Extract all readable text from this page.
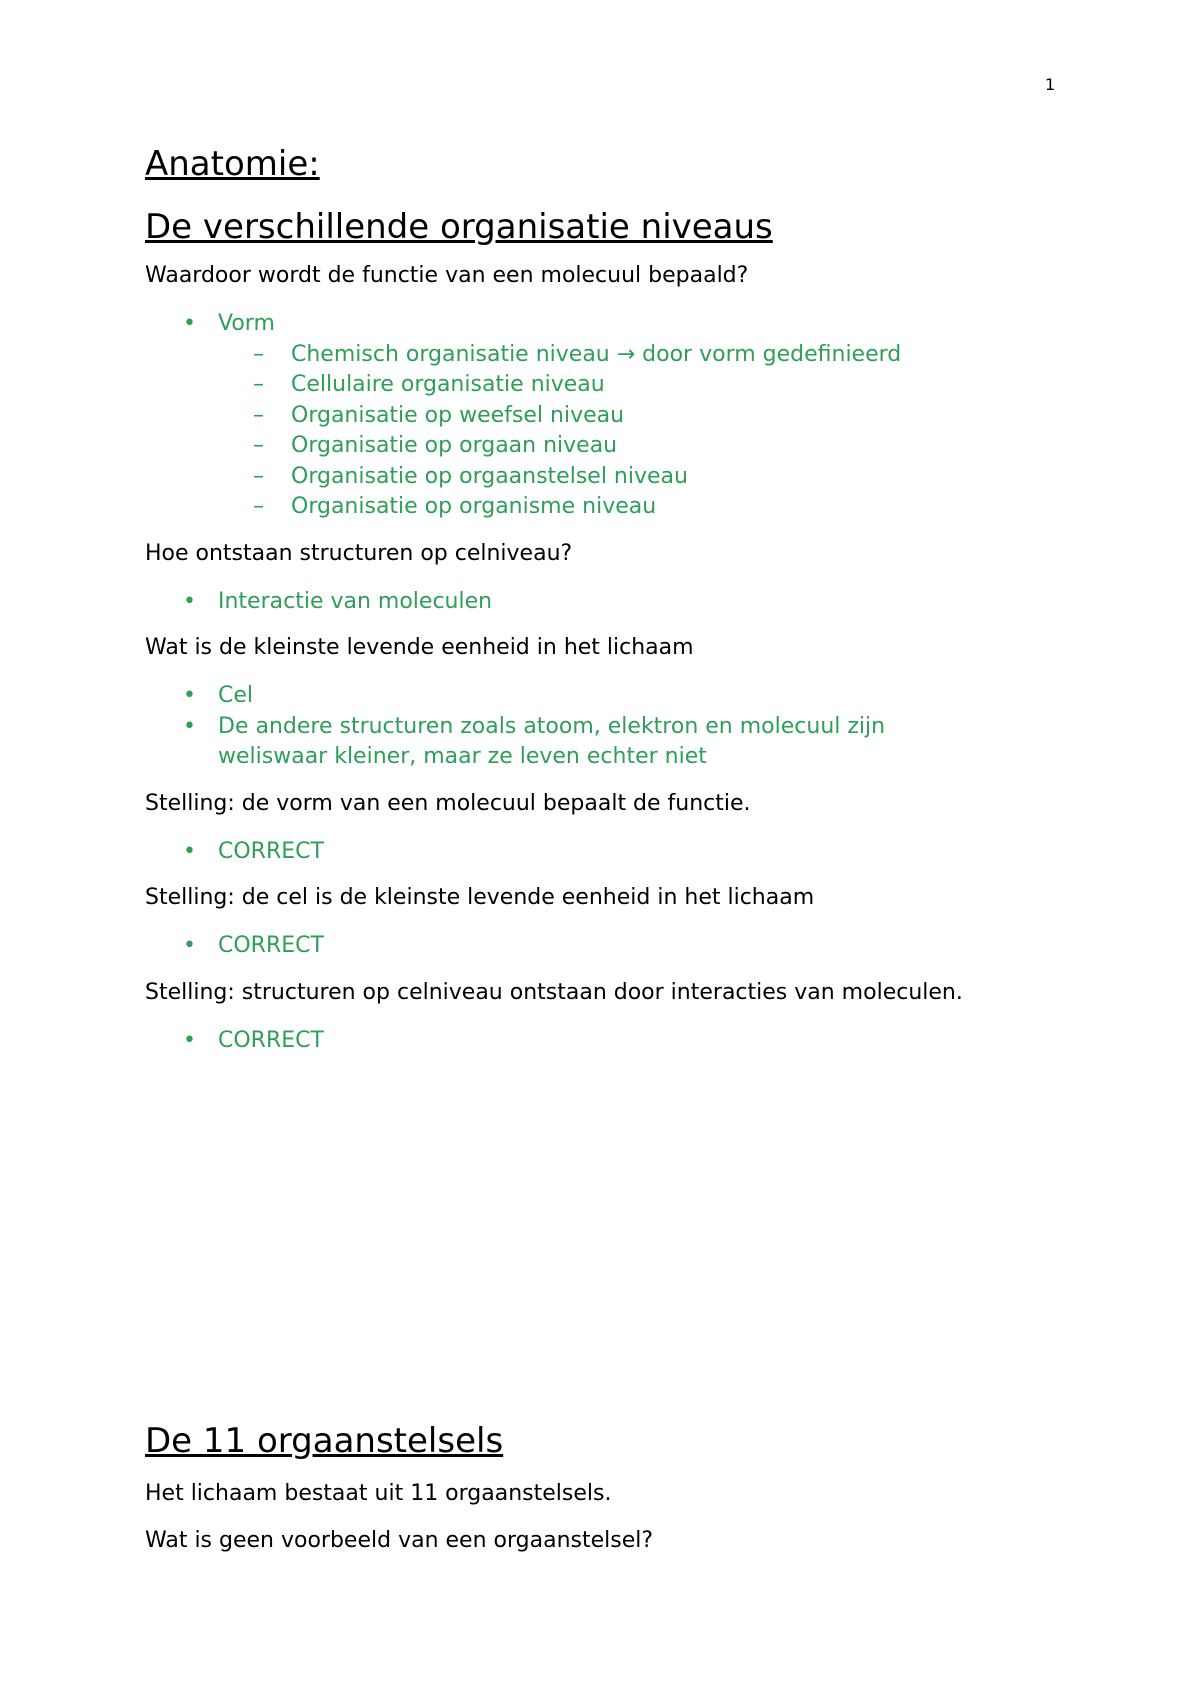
1
Anatomie:
De verschillende organisatie niveaus

Waardoor wordt de functie van een molecuul bepaald?

• Vorm
– Chemisch organisatie niveau → door vorm gedefinieerd
– Cellulaire organisatie niveau
– Organisatie op weefsel niveau
– Organisatie op orgaan niveau
– Organisatie op orgaanstelsel niveau
– Organisatie op organisme niveau

Hoe ontstaan structuren op celniveau?

• Interactie van moleculen

Wat is de kleinste levende eenheid in het lichaam

• Cel
• De andere structuren zoals atoom, elektron en molecuul zijn weliswaar kleiner, maar ze leven echter niet

Stelling: de vorm van een molecuul bepaalt de functie.

• CORRECT

Stelling: de cel is de kleinste levende eenheid in het lichaam

• CORRECT

Stelling: structuren op celniveau ontstaan door interacties van moleculen.

• CORRECT
De 11 orgaanstelsels

Het lichaam bestaat uit 11 orgaanstelsels.

Wat is geen voorbeeld van een orgaanstelsel?
